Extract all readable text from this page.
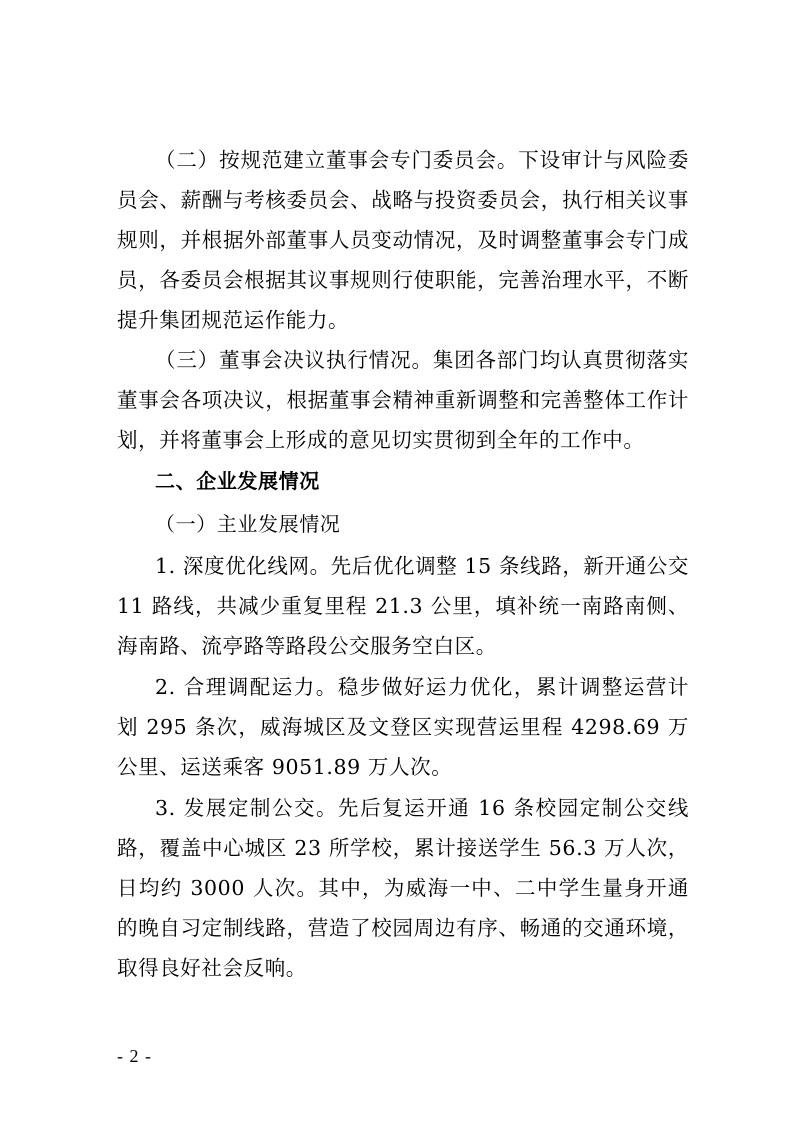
（二）按规范建立董事会专门委员会。下设审计与风险委员会、薪酬与考核委员会、战略与投资委员会，执行相关议事规则，并根据外部董事人员变动情况，及时调整董事会专门成员，各委员会根据其议事规则行使职能，完善治理水平，不断提升集团规范运作能力。

（三）董事会决议执行情况。集团各部门均认真贯彻落实董事会各项决议，根据董事会精神重新调整和完善整体工作计划，并将董事会上形成的意见切实贯彻到全年的工作中。

二、企业发展情况

（一）主业发展情况

1. 深度优化线网。先后优化调整 15 条线路，新开通公交 11 路线，共减少重复里程 21.3 公里，填补统一南路南侧、海南路、流亭路等路段公交服务空白区。

2. 合理调配运力。稳步做好运力优化，累计调整运营计划 295 条次，威海城区及文登区实现营运里程 4298.69 万公里、运送乘客 9051.89 万人次。

3. 发展定制公交。先后复运开通 16 条校园定制公交线路，覆盖中心城区 23 所学校，累计接送学生 56.3 万人次，日均约 3000 人次。其中，为威海一中、二中学生量身开通的晚自习定制线路，营造了校园周边有序、畅通的交通环境，取得良好社会反响。

- 2 -
